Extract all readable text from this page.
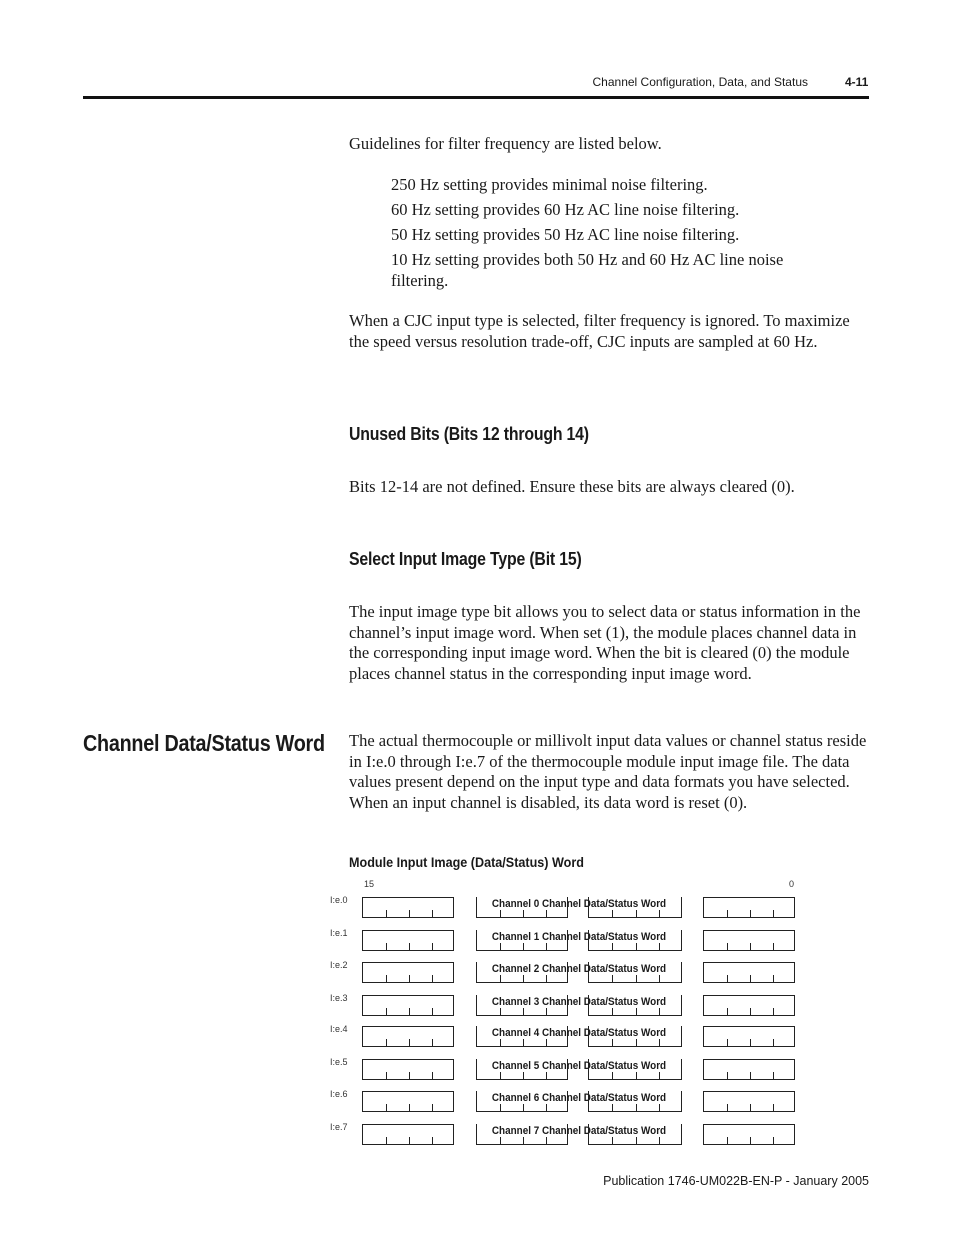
Channel Configuration, Data, and Status	4-11

Guidelines for filter frequency are listed below.

250 Hz setting provides minimal noise filtering.

60 Hz setting provides 60 Hz AC line noise filtering.

50 Hz setting provides 50 Hz AC line noise filtering.

10 Hz setting provides both 50 Hz and 60 Hz AC line noise filtering.

When a CJC input type is selected, filter frequency is ignored. To maximize the speed versus resolution trade-off, CJC inputs are sampled at 60 Hz.

Unused Bits (Bits 12 through 14)

Bits 12-14 are not defined. Ensure these bits are always cleared (0).

Select Input Image Type (Bit 15)

The input image type bit allows you to select data or status information in the channel’s input image word. When set (1), the module places channel data in the corresponding input image word. When the bit is cleared (0) the module places channel status in the corresponding input image word.

Channel Data/Status Word The actual thermocouple or millivolt input data values or channel status reside in I:e.0 through I:e.7 of the thermocouple module input image file. The data values present depend on the input type and data formats you have selected. When an input channel is disabled, its data word is reset (0).

Module Input Image (Data/Status) Word
15	0
I:e.0	Channel 0 Channel Data/Status Word
I:e.1	Channel 1 Channel Data/Status Word
I:e.2	Channel 2 Channel Data/Status Word
I:e.3	Channel 3 Channel Data/Status Word
I:e.4	Channel 4 Channel Data/Status Word
I:e.5	Channel 5 Channel Data/Status Word
I:e.6	Channel 6 Channel Data/Status Word
I:e.7	Channel 7 Channel Data/Status Word
Publication 1746-UM022B-EN-P - January 2005
